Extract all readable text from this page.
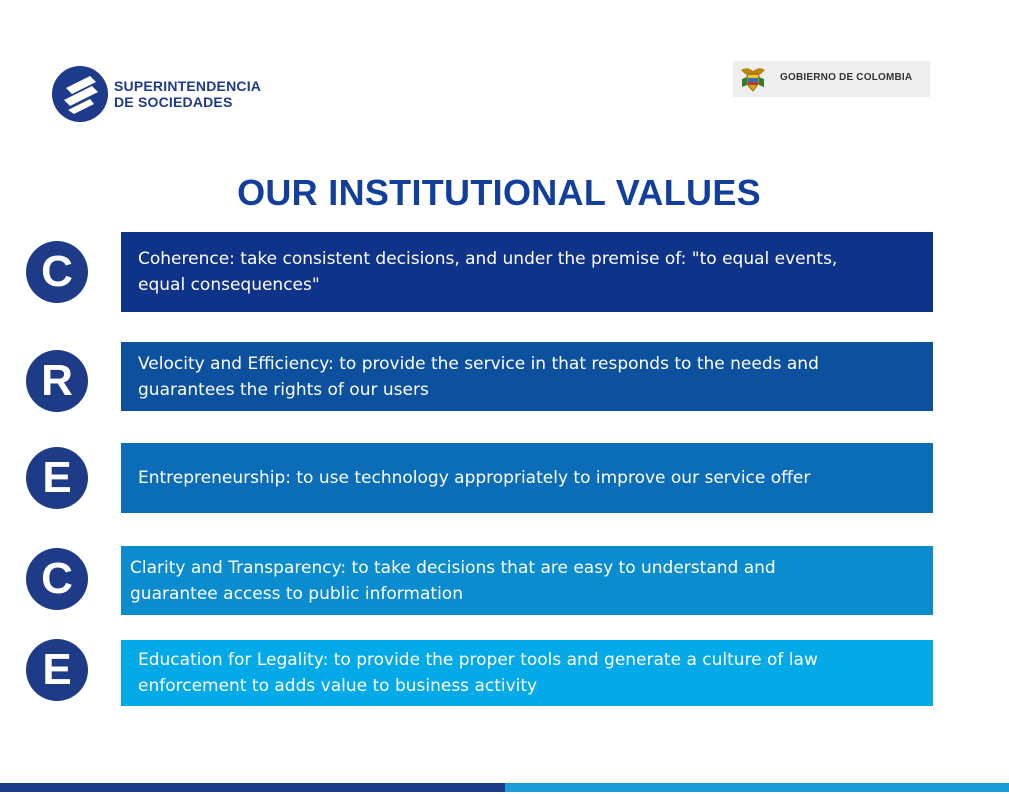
SUPERINTENDENCIA
DE SOCIEDADES
GOBIERNO DE COLOMBIA
OUR INSTITUTIONAL VALUES
C	Coherence: take consistent decisions, and under the premise of: "to equal events, equal consequences"
R	Velocity and Efficiency: to provide the service in that responds to the needs and guarantees the rights of our users
E	Entrepreneurship: to use technology appropriately to improve our service offer
C	Clarity and Transparency: to take decisions that are easy to understand and guarantee access to public information
E	Education for Legality: to provide the proper tools and generate a culture of law enforcement to adds value to business activity
